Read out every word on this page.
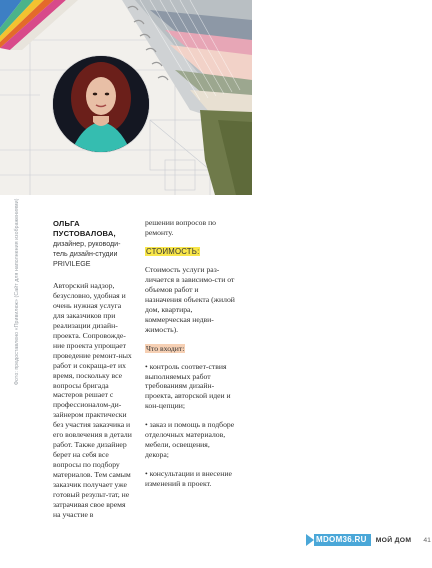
Фото: предоставлено «Привилеж» (Сайт для наполнения изображениями)	ОЛЬГА
ПУСТОВАЛОВА,
дизайнер, руководи-тель дизайн-студии PRIVILEGE
Авторский надзор, безусловно, удобная и очень нужная услуга для заказчиков при реализации дизайн-проекта. Сопровожде-ние проекта упрощает проведение ремонт-ных работ и сокраща-ет их время, поскольку все вопросы бригада мастеров решает с профессионалом-ди-зайнером практически без участия заказчика и его вовлечения в детали работ. Также дизайнер берет на себя все вопросы по подбору материалов. Тем самым заказчик получает уже готовый результ-тат, не затрачивая свое время на участие в
решении вопросов по ремонту.
СТОИМОСТЬ:
Стоимость услуги раз-личается в зависимо-сти от объемов работ и назначения объекта (жилой дом, квартира, коммерческая недви-жимость).
Что входит:

• контроль соответ-ствия выполняемых работ требованиям дизайн-проекта, авторской идеи и кон-цепции;

• заказ и помощь в подборе отделочных материалов, мебели, освещения, декора;

• консультации и внесение изменений в проект.

MDOM36.RU	МОЙ ДОМ 41
